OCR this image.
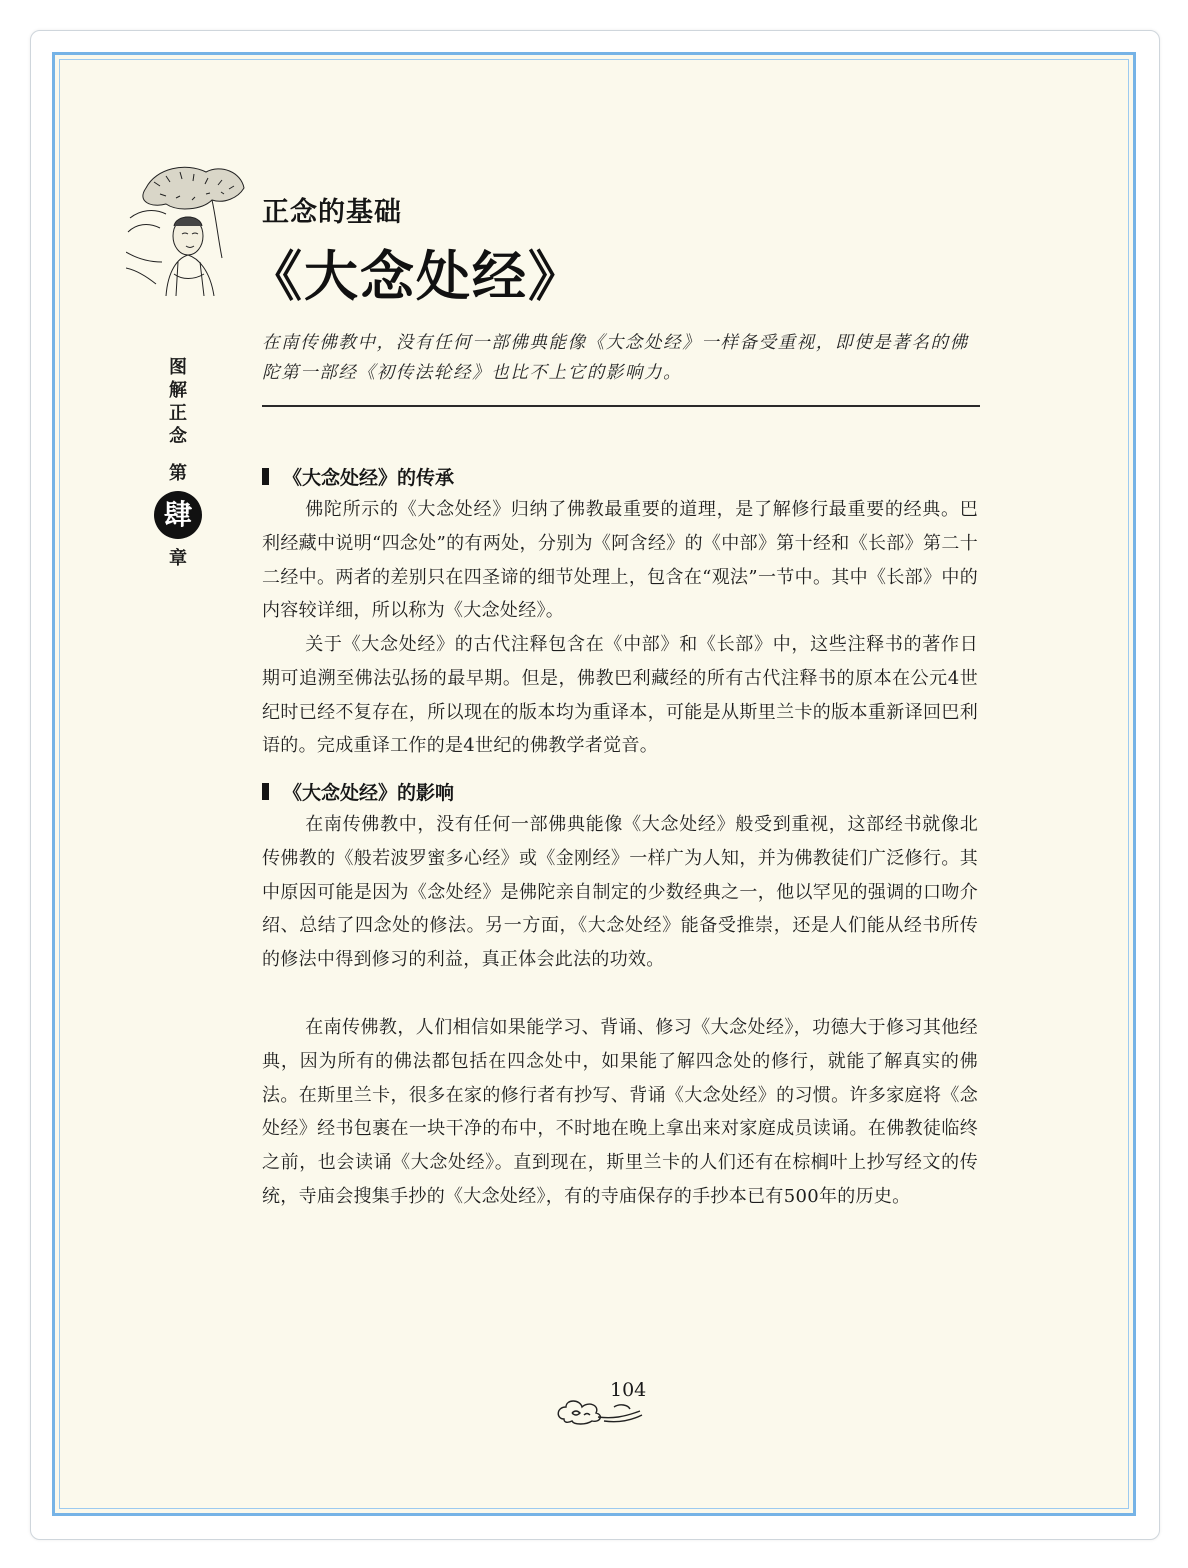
正念的基础
《大念处经》
图
解
正
念
第
肆
章
在南传佛教中，没有任何一部佛典能像《大念处经》一样备受重视，即使是著名的佛陀第一部经《初传法轮经》也比不上它的影响力。
《大念处经》的传承
佛陀所示的《大念处经》归纳了佛教最重要的道理，是了解修行最重要的经典。巴利经藏中说明“四念处”的有两处，分别为《阿含经》的《中部》第十经和《长部》第二十二经中。两者的差别只在四圣谛的细节处理上，包含在“观法”一节中。其中《长部》中的内容较详细，所以称为《大念处经》。
关于《大念处经》的古代注释包含在《中部》和《长部》中，这些注释书的著作日期可追溯至佛法弘扬的最早期。但是，佛教巴利藏经的所有古代注释书的原本在公元4世纪时已经不复存在，所以现在的版本均为重译本，可能是从斯里兰卡的版本重新译回巴利语的。完成重译工作的是4世纪的佛教学者觉音。
《大念处经》的影响
在南传佛教中，没有任何一部佛典能像《大念处经》般受到重视，这部经书就像北传佛教的《般若波罗蜜多心经》或《金刚经》一样广为人知，并为佛教徒们广泛修行。其中原因可能是因为《念处经》是佛陀亲自制定的少数经典之一，他以罕见的强调的口吻介绍、总结了四念处的修法。另一方面，《大念处经》能备受推崇，还是人们能从经书所传的修法中得到修习的利益，真正体会此法的功效。
在南传佛教，人们相信如果能学习、背诵、修习《大念处经》，功德大于修习其他经典，因为所有的佛法都包括在四念处中，如果能了解四念处的修行，就能了解真实的佛法。在斯里兰卡，很多在家的修行者有抄写、背诵《大念处经》的习惯。许多家庭将《念处经》经书包裹在一块干净的布中，不时地在晚上拿出来对家庭成员读诵。在佛教徒临终之前，也会读诵《大念处经》。直到现在，斯里兰卡的人们还有在棕榈叶上抄写经文的传统，寺庙会搜集手抄的《大念处经》，有的寺庙保存的手抄本已有500年的历史。
104
